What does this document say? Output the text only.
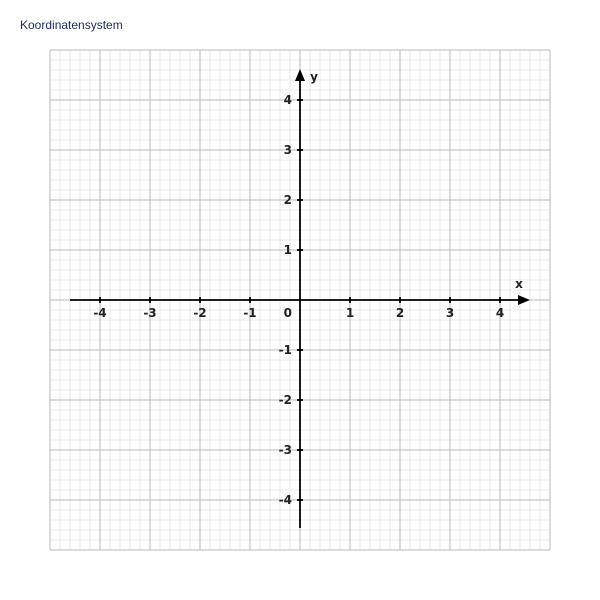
Koordinatensystem
-4	-3	-2	-1	1	2	3	4
4
3
2
1
-1
-2
-3
-4
0
x
y
